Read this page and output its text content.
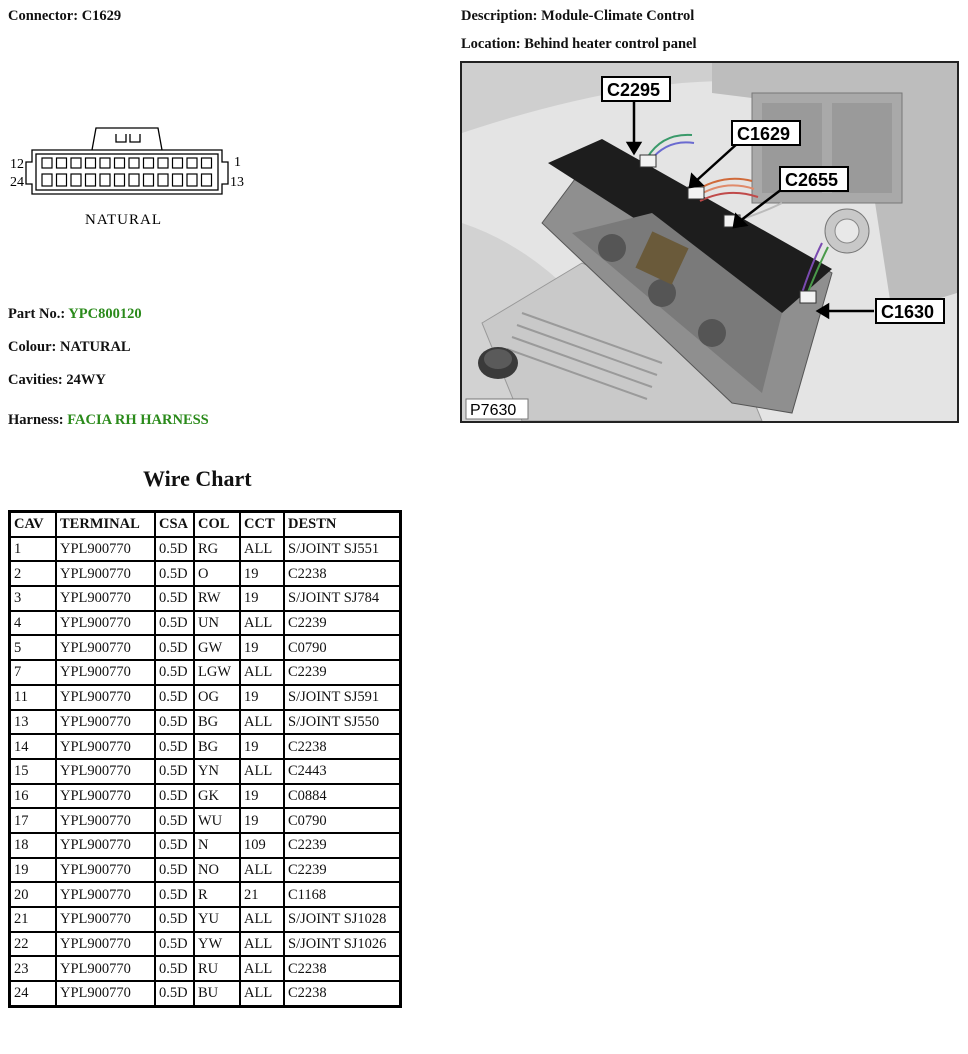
Connector: C1629	Description: Module-Climate Control
Location: Behind heater control panel
12	1
24	13
NATURAL
Part No.: YPC800120
Colour: NATURAL
Cavities: 24WY
Harness: FACIA RH HARNESS
C2295
C1629
C2655
C1630
P7630
Wire Chart
CAV	TERMINAL	CSA	COL	CCT	DESTN
1	YPL900770	0.5D	RG	ALL	S/JOINT SJ551
2	YPL900770	0.5D	O	19	C2238
3	YPL900770	0.5D	RW	19	S/JOINT SJ784
4	YPL900770	0.5D	UN	ALL	C2239
5	YPL900770	0.5D	GW	19	C0790
7	YPL900770	0.5D	LGW	ALL	C2239
11	YPL900770	0.5D	OG	19	S/JOINT SJ591
13	YPL900770	0.5D	BG	ALL	S/JOINT SJ550
14	YPL900770	0.5D	BG	19	C2238
15	YPL900770	0.5D	YN	ALL	C2443
16	YPL900770	0.5D	GK	19	C0884
17	YPL900770	0.5D	WU	19	C0790
18	YPL900770	0.5D	N	109	C2239
19	YPL900770	0.5D	NO	ALL	C2239
20	YPL900770	0.5D	R	21	C1168
21	YPL900770	0.5D	YU	ALL	S/JOINT SJ1028
22	YPL900770	0.5D	YW	ALL	S/JOINT SJ1026
23	YPL900770	0.5D	RU	ALL	C2238
24	YPL900770	0.5D	BU	ALL	C2238
